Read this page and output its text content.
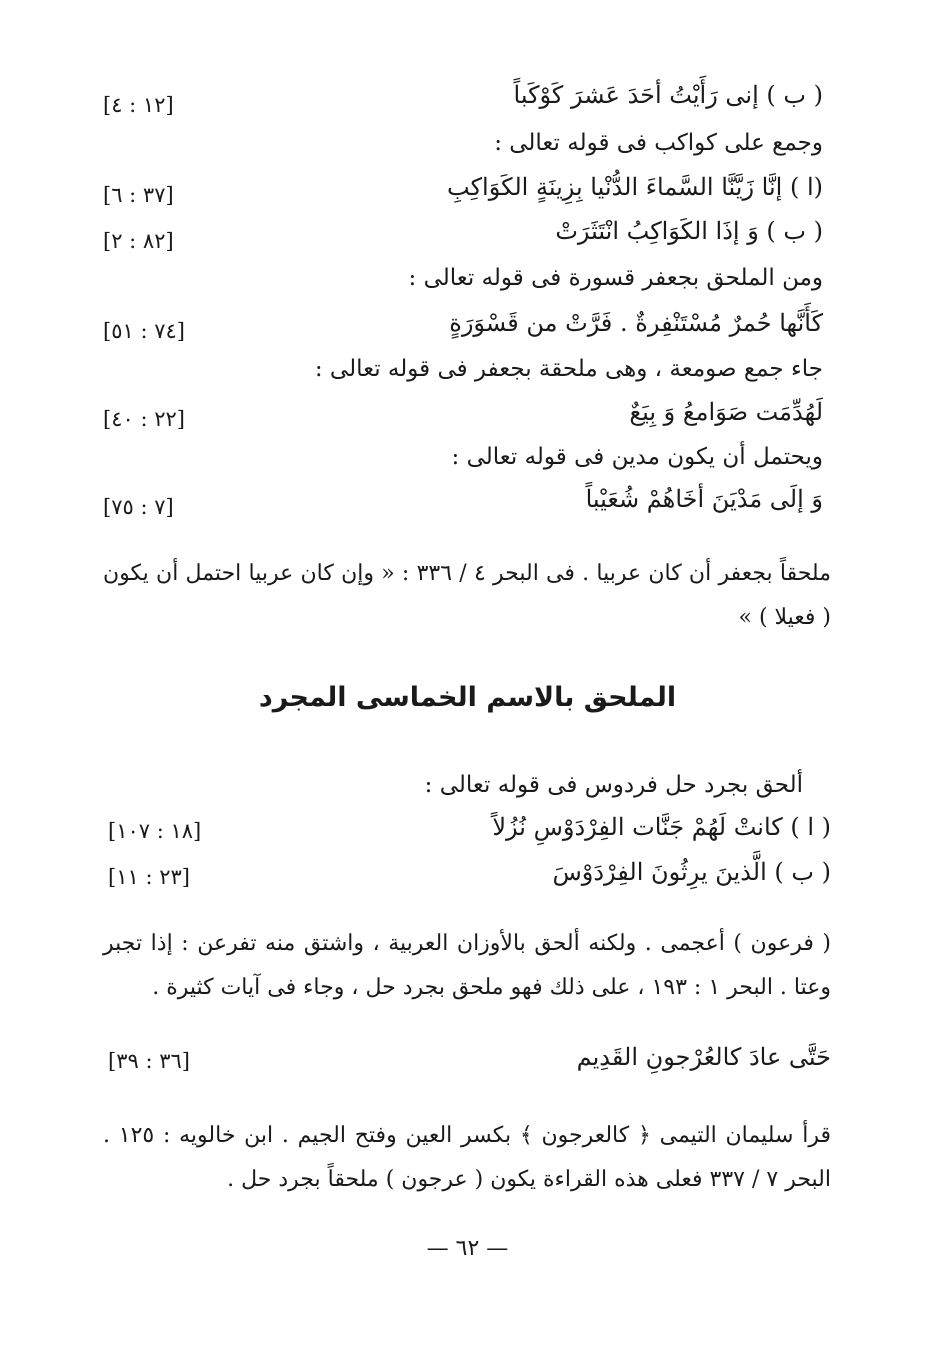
( ب ) إنى رَأَيْتُ أحَدَ عَشرَ كَوْكَباً
[١٢ : ٤]
وجمع على كواكب فى قوله تعالى :
(ا ) إنَّا زَيَّنَّا السَّماءَ الدُّنْيا بِزِينَةٍ الكَوَاكِبِ
[٣٧ : ٦]
( ب ) وَ إذَا الكَوَاكِبُ انْتَثَرَتْ
[٨٢ : ٢]
ومن الملحق بجعفر قسورة فى قوله تعالى :
كَأَنَّها حُمرٌ مُسْتَنْفِرةٌ . فَرَّتْ من قَسْوَرَةٍ
[٧٤ : ٥١]
جاء جمع صومعة ، وهى ملحقة بجعفر فى قوله تعالى :
لَهُدِّمَت صَوَامعُ وَ بِيَعٌ
[٢٢ : ٤٠]
ويحتمل أن يكون مدين فى قوله تعالى :
وَ إلَى مَدْيَنَ أخَاهُمْ شُعَيْباً
[٧ : ٧٥]
ملحقاً بجعفر أن كان عربيا . فى البحر ٤ / ٣٣٦ : « وإن كان عربيا احتمل أن يكون ( فعيلا ) »
الملحق بالاسم الخماسى المجرد
ألحق بجرد حل فردوس فى قوله تعالى :
( ا ) كانتْ لَهُمْ جَنَّات الفِرْدَوْسِ نُزُلاً
[١٨ : ١٠٧]
( ب ) الَّذينَ يرِثُونَ الفِرْدَوْسَ
[٢٣ : ١١]
( فرعون ) أعجمى . ولكنه ألحق بالأوزان العربية ، واشتق منه تفرعن : إذا تجبر وعتا . البحر ١ : ١٩٣ ، على ذلك فهو ملحق بجرد حل ، وجاء فى آيات كثيرة .
حَتَّى عادَ كالعُرْجونِ القَدِيم
[٣٦ : ٣٩]
قرأ سليمان التيمى ﴿ كالعرجون ﴾ بكسر العين وفتح الجيم . ابن خالويه : ١٢٥ . البحر ٧ / ٣٣٧ فعلى هذه القراءة يكون ( عرجون ) ملحقاً بجرد حل .
— ٦٢ —
